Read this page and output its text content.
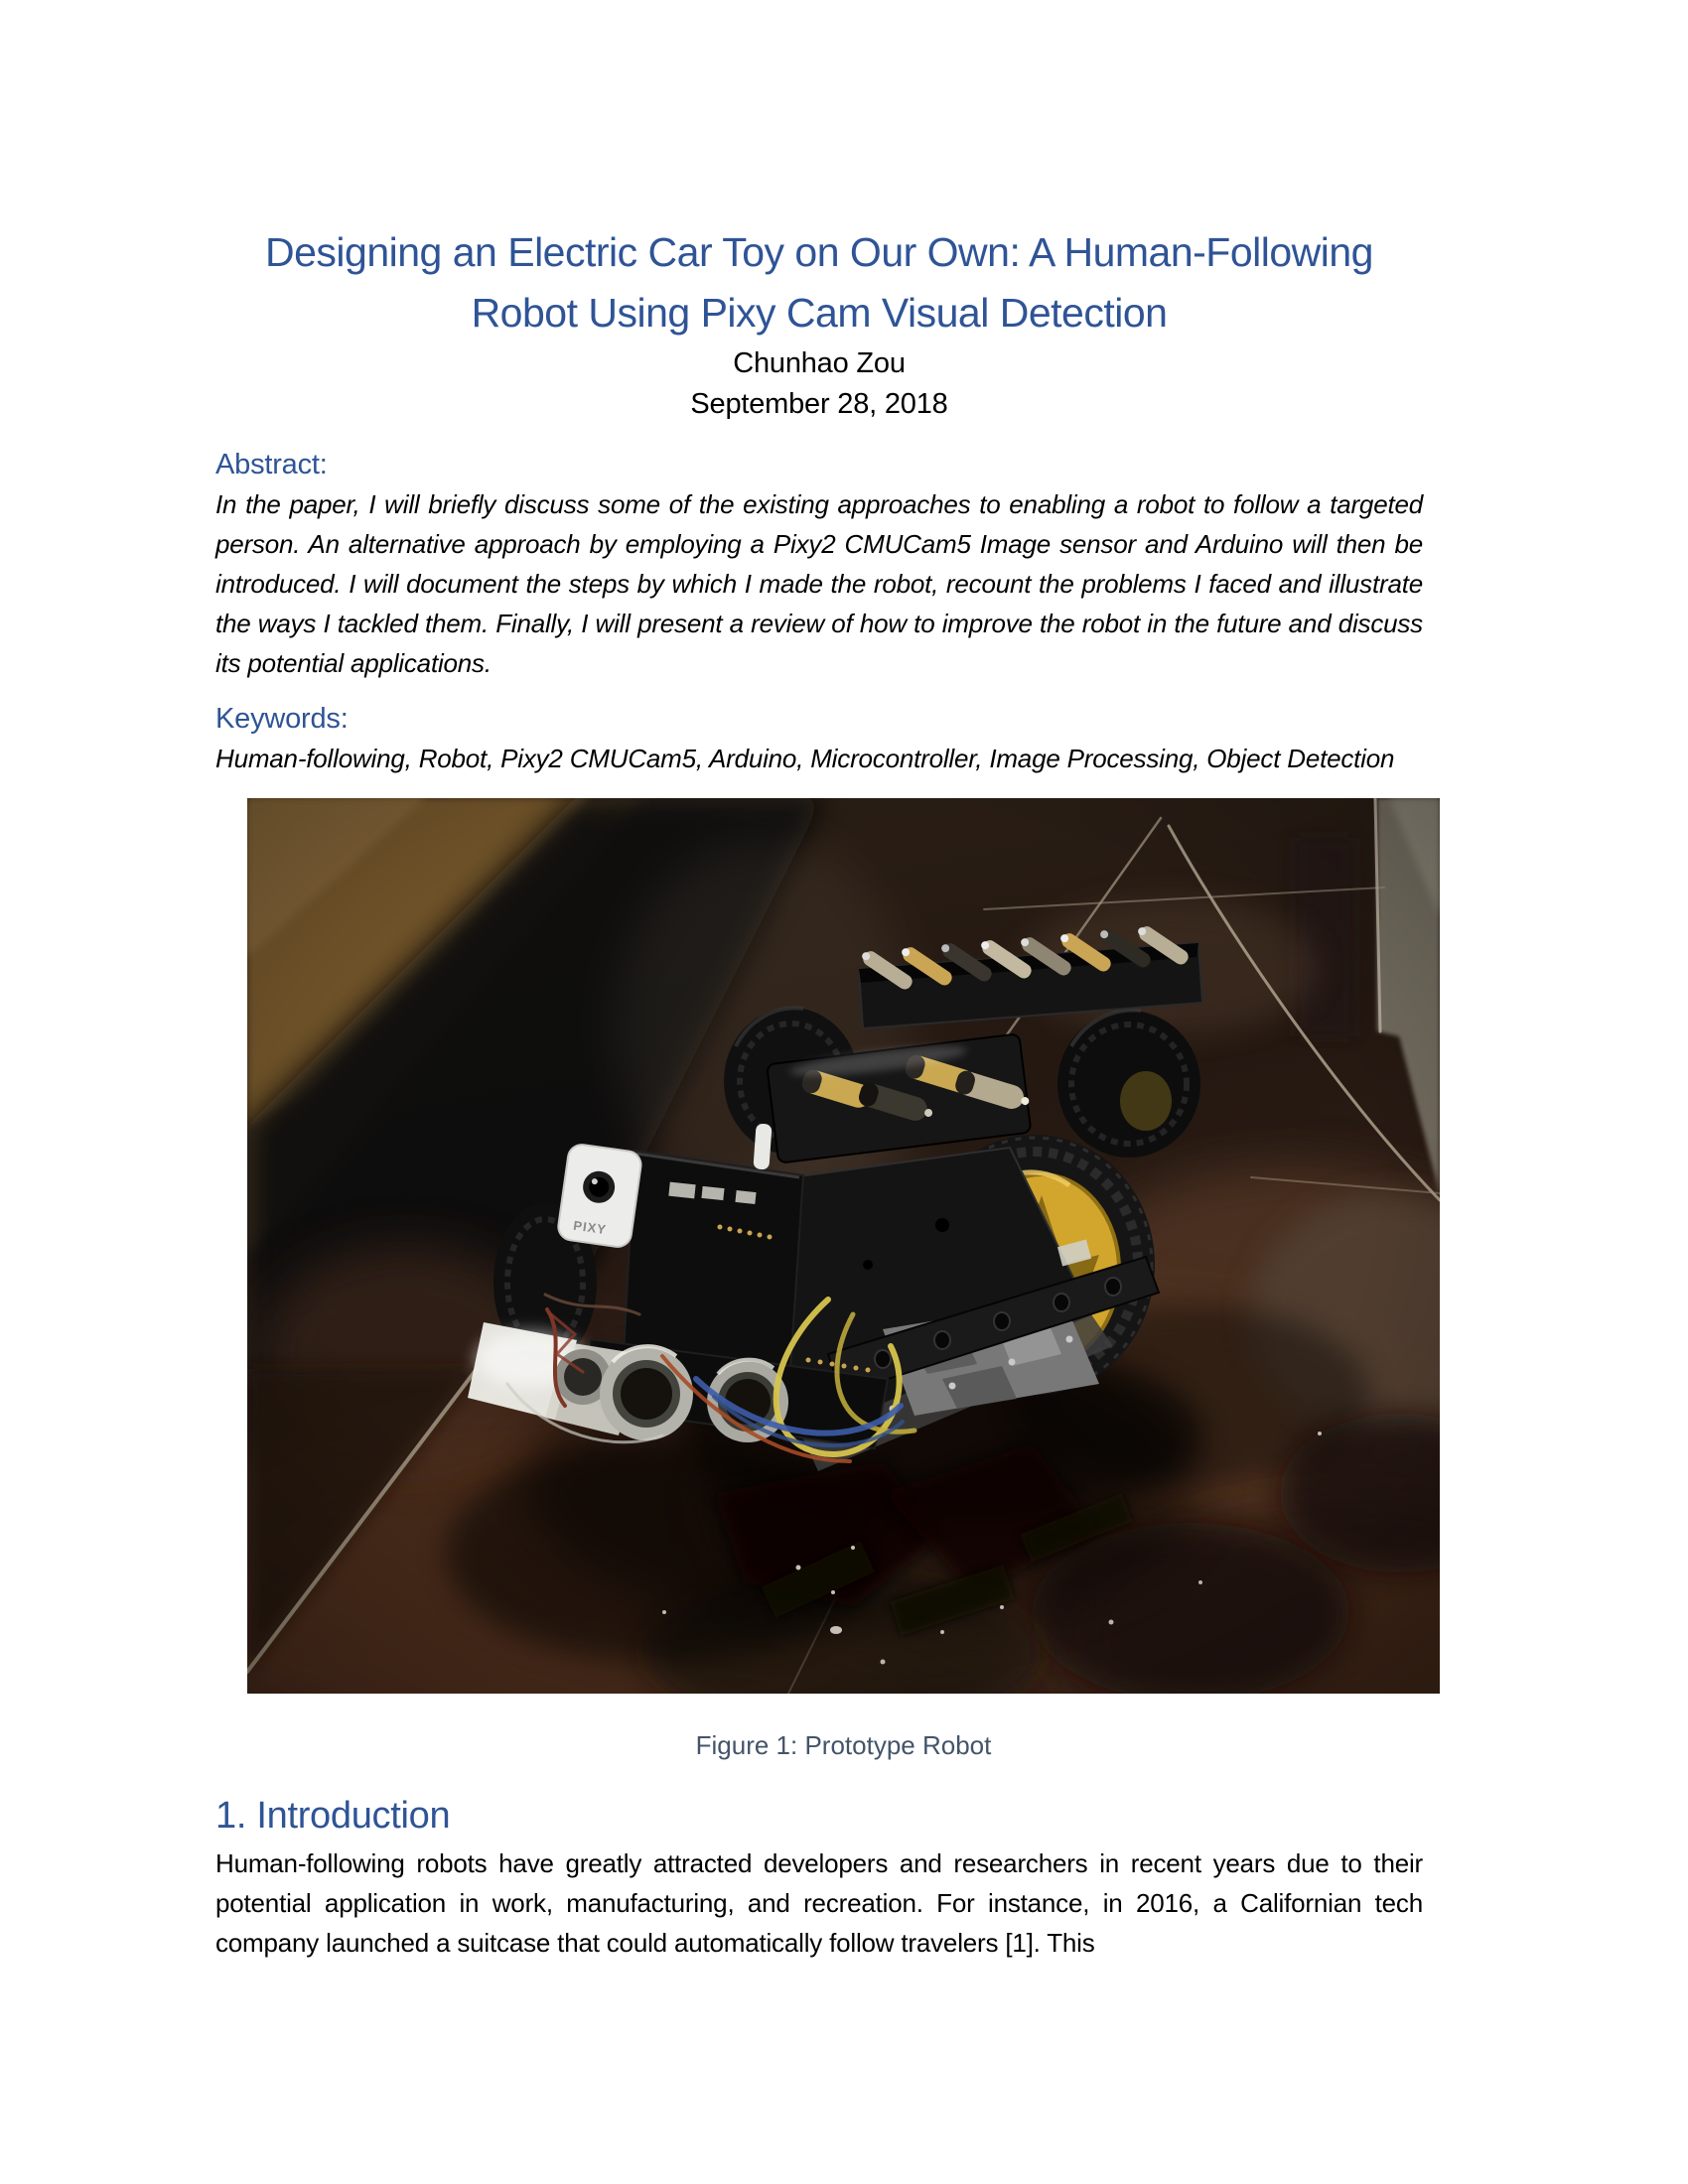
Designing an Electric Car Toy on Our Own: A Human-Following
Robot Using Pixy Cam Visual Detection
Chunhao Zou
September 28, 2018
Abstract:

In the paper, I will briefly discuss some of the existing approaches to enabling a robot to follow a targeted person. An alternative approach by employing a Pixy2 CMUCam5 Image sensor and Arduino will then be introduced. I will document the steps by which I made the robot, recount the problems I faced and illustrate the ways I tackled them. Finally, I will present a review of how to improve the robot in the future and discuss its potential applications.

Keywords:

Human-following, Robot, Pixy2 CMUCam5, Arduino, Microcontroller, Image Processing, Object Detection

Figure 1: Prototype Robot
1. Introduction

Human-following robots have greatly attracted developers and researchers in recent years due to their potential application in work, manufacturing, and recreation. For instance, in 2016, a Californian tech company launched a suitcase that could automatically follow travelers [1]. This
